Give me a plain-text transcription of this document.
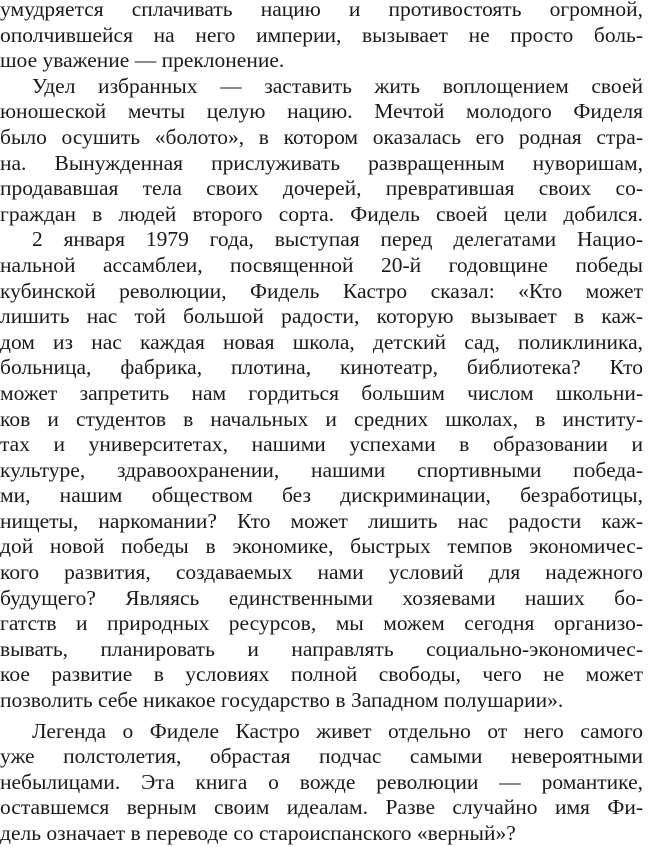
умудряется сплачивать нацию и противостоять огромной,
ополчившейся на него империи, вызывает не просто боль-
шое уважение — преклонение.
Удел избранных — заставить жить воплощением своей
юношеской мечты целую нацию. Мечтой молодого Фиделя
было осушить «болото», в котором оказалась его родная стра-
на. Вынужденная прислуживать развращенным нуворишам,
продававшая тела своих дочерей, превратившая своих со-
граждан в людей второго сорта. Фидель своей цели добился.
2 января 1979 года, выступая перед делегатами Нацио-
нальной ассамблеи, посвященной 20-й годовщине победы
кубинской революции, Фидель Кастро сказал: «Кто может
лишить нас той большой радости, которую вызывает в каж-
дом из нас каждая новая школа, детский сад, поликлиника,
больница, фабрика, плотина, кинотеатр, библиотека? Кто
может запретить нам гордиться большим числом школьни-
ков и студентов в начальных и средних школах, в институ-
тах и университетах, нашими успехами в образовании и
культуре, здравоохранении, нашими спортивными победа-
ми, нашим обществом без дискриминации, безработицы,
нищеты, наркомании? Кто может лишить нас радости каж-
дой новой победы в экономике, быстрых темпов экономичес-
кого развития, создаваемых нами условий для надежного
будущего? Являясь единственными хозяевами наших бо-
гатств и природных ресурсов, мы можем сегодня организо-
вывать, планировать и направлять социально-экономичес-
кое развитие в условиях полной свободы, чего не может
позволить себе никакое государство в Западном полушарии».
Легенда о Фиделе Кастро живет отдельно от него самого
уже полстолетия, обрастая подчас самыми невероятными
небылицами. Эта книга о вожде революции — романтике,
оставшемся верным своим идеалам. Разве случайно имя Фи-
дель означает в переводе со староиспанского «верный»?
